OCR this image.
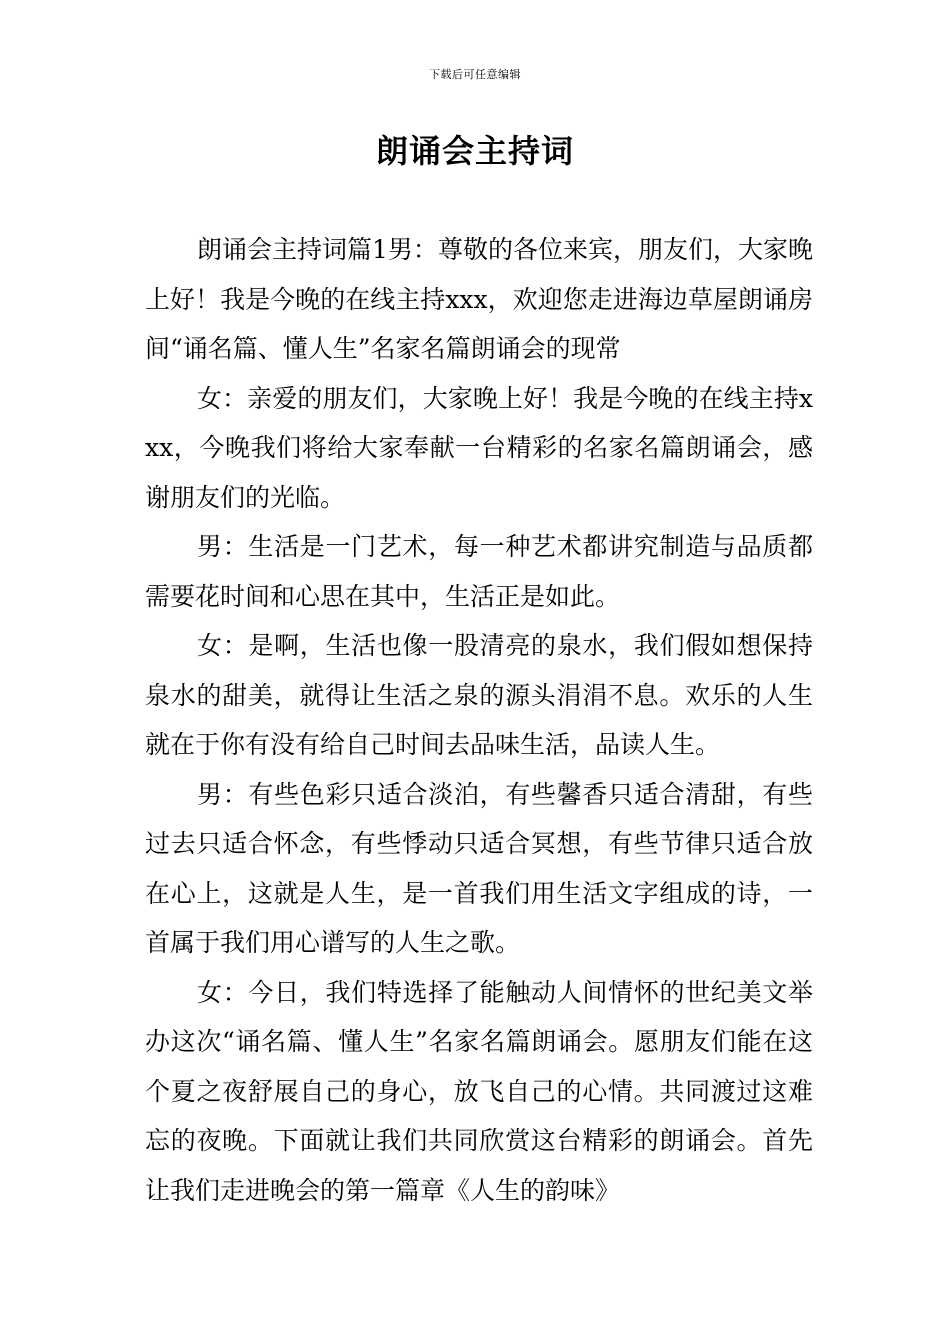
下载后可任意编辑
朗诵会主持词

朗诵会主持词篇1男：尊敬的各位来宾，朋友们，大家晚上好！我是今晚的在线主持xxx，欢迎您走进海边草屋朗诵房间“诵名篇、懂人生”名家名篇朗诵会的现常

女：亲爱的朋友们，大家晚上好！我是今晚的在线主持xxx，今晚我们将给大家奉献一台精彩的名家名篇朗诵会，感谢朋友们的光临。

男：生活是一门艺术，每一种艺术都讲究制造与品质都需要花时间和心思在其中，生活正是如此。

女：是啊，生活也像一股清亮的泉水，我们假如想保持泉水的甜美，就得让生活之泉的源头涓涓不息。欢乐的人生就在于你有没有给自己时间去品味生活，品读人生。

男：有些色彩只适合淡泊，有些馨香只适合清甜，有些过去只适合怀念，有些悸动只适合冥想，有些节律只适合放在心上，这就是人生，是一首我们用生活文字组成的诗，一首属于我们用心谱写的人生之歌。

女：今日，我们特选择了能触动人间情怀的世纪美文举办这次“诵名篇、懂人生”名家名篇朗诵会。愿朋友们能在这个夏之夜舒展自己的身心，放飞自己的心情。共同渡过这难忘的夜晚。下面就让我们共同欣赏这台精彩的朗诵会。首先让我们走进晚会的第一篇章《人生的韵味》
